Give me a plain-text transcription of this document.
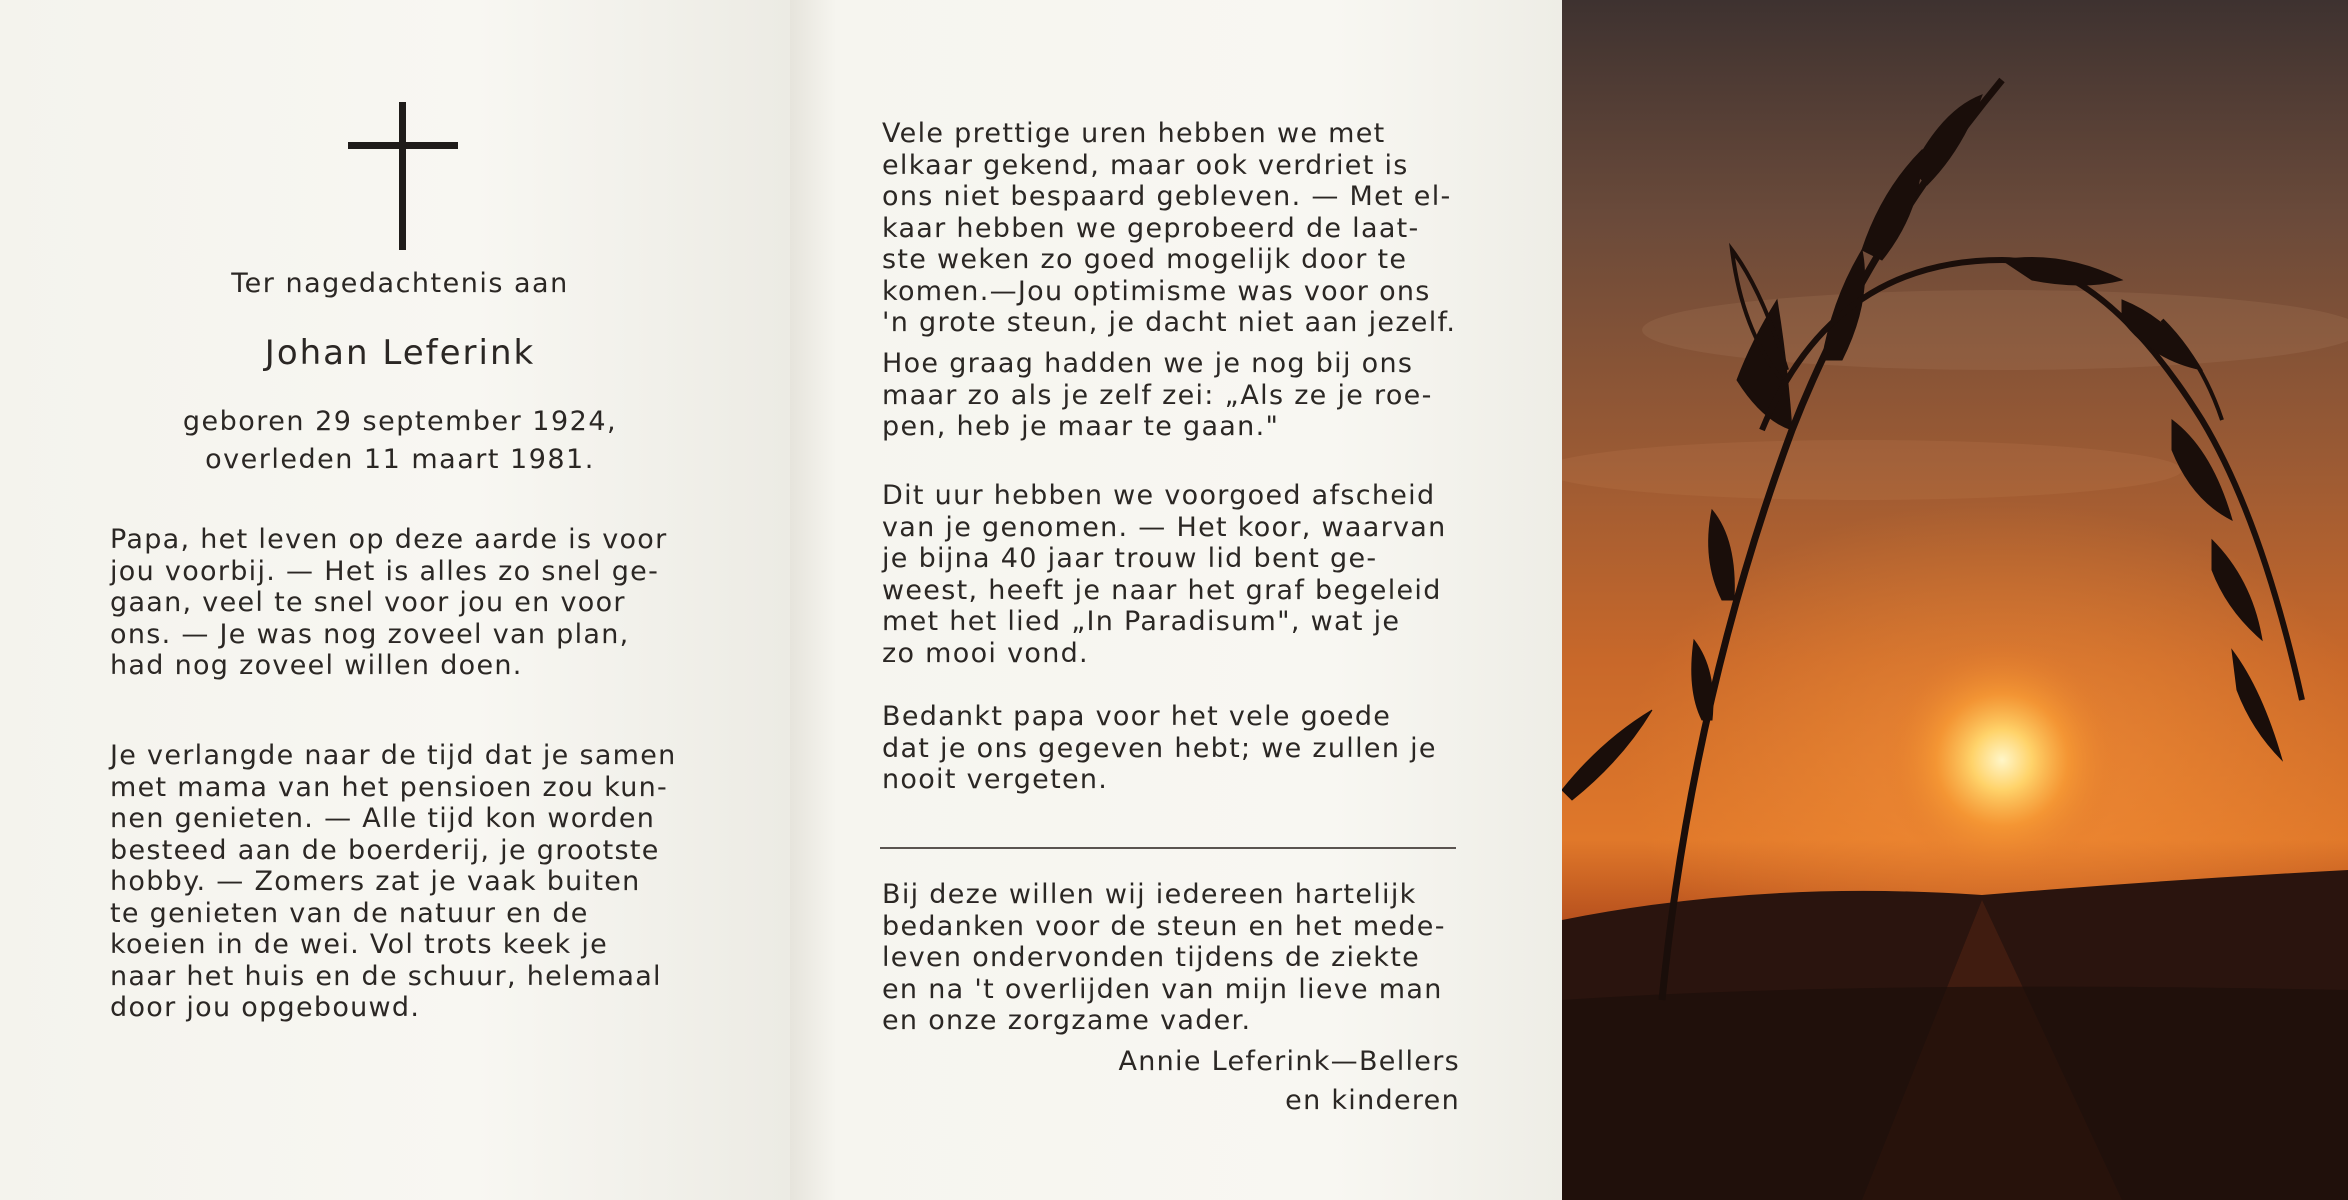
Ter nagedachtenis aan
Johan Leferink
geboren 29 september 1924,
overleden 11 maart 1981.

Papa, het leven op deze aarde is voor
jou voorbij. — Het is alles zo snel ge-
gaan, veel te snel voor jou en voor
ons. — Je was nog zoveel van plan,
had nog zoveel willen doen.

Je verlangde naar de tijd dat je samen
met mama van het pensioen zou kun-
nen genieten. — Alle tijd kon worden
besteed aan de boerderij, je grootste
hobby. — Zomers zat je vaak buiten
te genieten van de natuur en de
koeien in de wei. Vol trots keek je
naar het huis en de schuur, helemaal
door jou opgebouwd.

Vele prettige uren hebben we met
elkaar gekend, maar ook verdriet is
ons niet bespaard gebleven. — Met el-
kaar hebben we geprobeerd de laat-
ste weken zo goed mogelijk door te
komen.—Jou optimisme was voor ons
'n grote steun, je dacht niet aan jezelf.

Hoe graag hadden we je nog bij ons
maar zo als je zelf zei: „Als ze je roe-
pen, heb je maar te gaan."

Dit uur hebben we voorgoed afscheid
van je genomen. — Het koor, waarvan
je bijna 40 jaar trouw lid bent ge-
weest, heeft je naar het graf begeleid
met het lied „In Paradisum", wat je
zo mooi vond.

Bedankt papa voor het vele goede
dat je ons gegeven hebt; we zullen je
nooit vergeten.

Bij deze willen wij iedereen hartelijk
bedanken voor de steun en het mede-
leven ondervonden tijdens de ziekte
en na 't overlijden van mijn lieve man
en onze zorgzame vader.

Annie Leferink—Bellers
en kinderen
